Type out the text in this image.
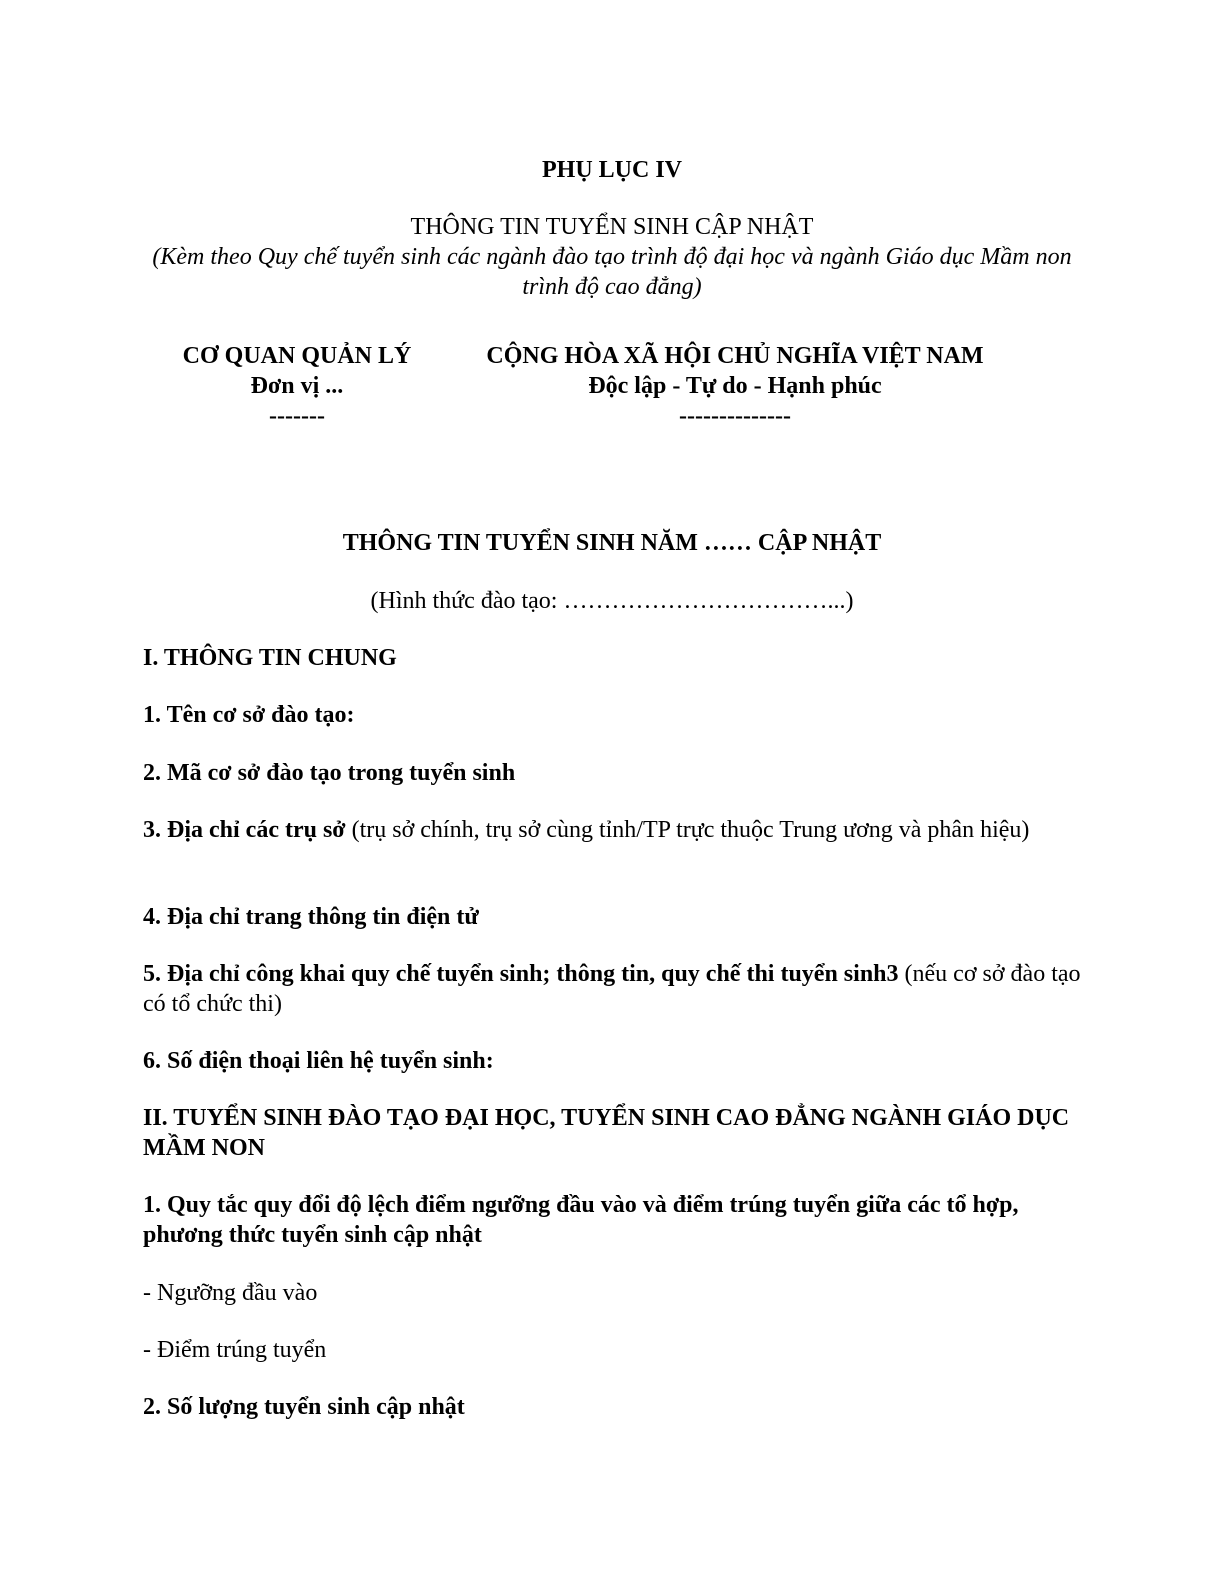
PHỤ LỤC IV

THÔNG TIN TUYỂN SINH CẬP NHẬT

(Kèm theo Quy chế tuyển sinh các ngành đào tạo trình độ đại học và ngành Giáo dục Mầm non trình độ cao đẳng)

CƠ QUAN QUẢN LÝ
Đơn vị ...
-------
CỘNG HÒA XÃ HỘI CHỦ NGHĨA VIỆT NAM
Độc lập - Tự do - Hạnh phúc
--------------

THÔNG TIN TUYỂN SINH NĂM …… CẬP NHẬT

(Hình thức đào tạo: ……………………………...)

I. THÔNG TIN CHUNG

1. Tên cơ sở đào tạo:

2. Mã cơ sở đào tạo trong tuyển sinh

3. Địa chỉ các trụ sở (trụ sở chính, trụ sở cùng tỉnh/TP trực thuộc Trung ương và phân hiệu)

4. Địa chỉ trang thông tin điện tử

5. Địa chỉ công khai quy chế tuyển sinh; thông tin, quy chế thi tuyển sinh3 (nếu cơ sở đào tạo có tổ chức thi)

6. Số điện thoại liên hệ tuyển sinh:

II. TUYỂN SINH ĐÀO TẠO ĐẠI HỌC, TUYỂN SINH CAO ĐẲNG NGÀNH GIÁO DỤC MẦM NON

1. Quy tắc quy đổi độ lệch điểm ngưỡng đầu vào và điểm trúng tuyển giữa các tổ hợp, phương thức tuyển sinh cập nhật

- Ngưỡng đầu vào

- Điểm trúng tuyển

2. Số lượng tuyển sinh cập nhật
